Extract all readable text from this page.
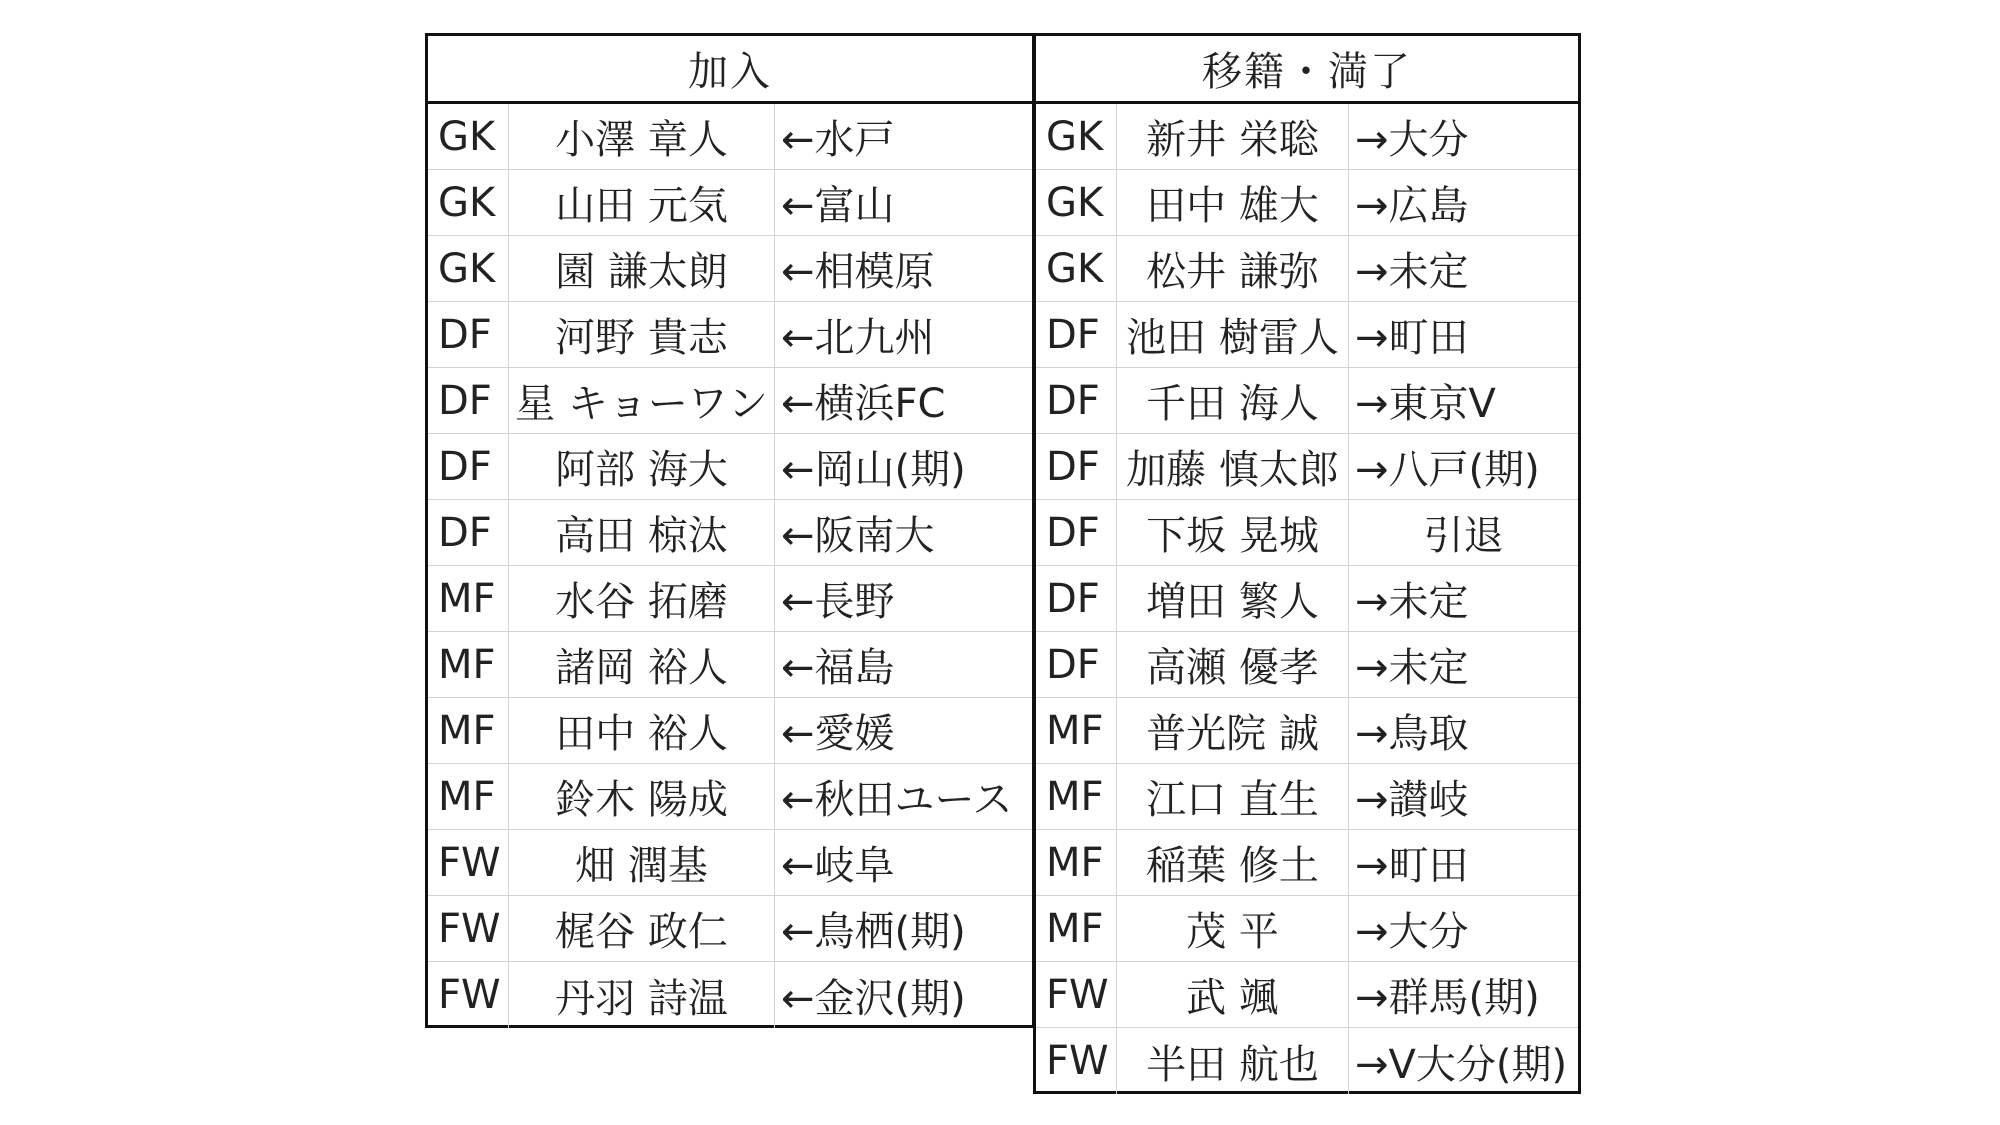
加入
GK	小澤 章人	←水戸
GK	山田 元気	←富山
GK	園 謙太朗	←相模原
DF	河野 貴志	←北九州
DF 星 キョーワン ←横浜FC
DF	阿部 海大	←岡山(期)
DF	高田 椋汰	←阪南大
MF	水谷 拓磨	←長野
MF	諸岡 裕人	←福島
MF	田中 裕人	←愛媛
MF	鈴木 陽成	←秋田ユース
FW	畑 潤基	←岐阜
FW	梶谷 政仁	←鳥栖(期)
FW	丹羽 詩温	←金沢(期)
移籍・満了
GK	新井 栄聡 →大分
GK	田中 雄大 →広島
GK	松井 謙弥 →未定
DF 池田 樹雷人 →町田
DF	千田 海人 →東京V
DF 加藤 慎太郎 →八戸(期)
DF	下坂 晃城	引退
DF	増田 繁人 →未定
DF	高瀬 優孝 →未定
MF	普光院 誠 →鳥取
MF	江口 直生 →讃岐
MF	稲葉 修土 →町田
MF	茂 平	→大分
FW	武 颯	→群馬(期)
FW 半田 航也 →V大分(期)
